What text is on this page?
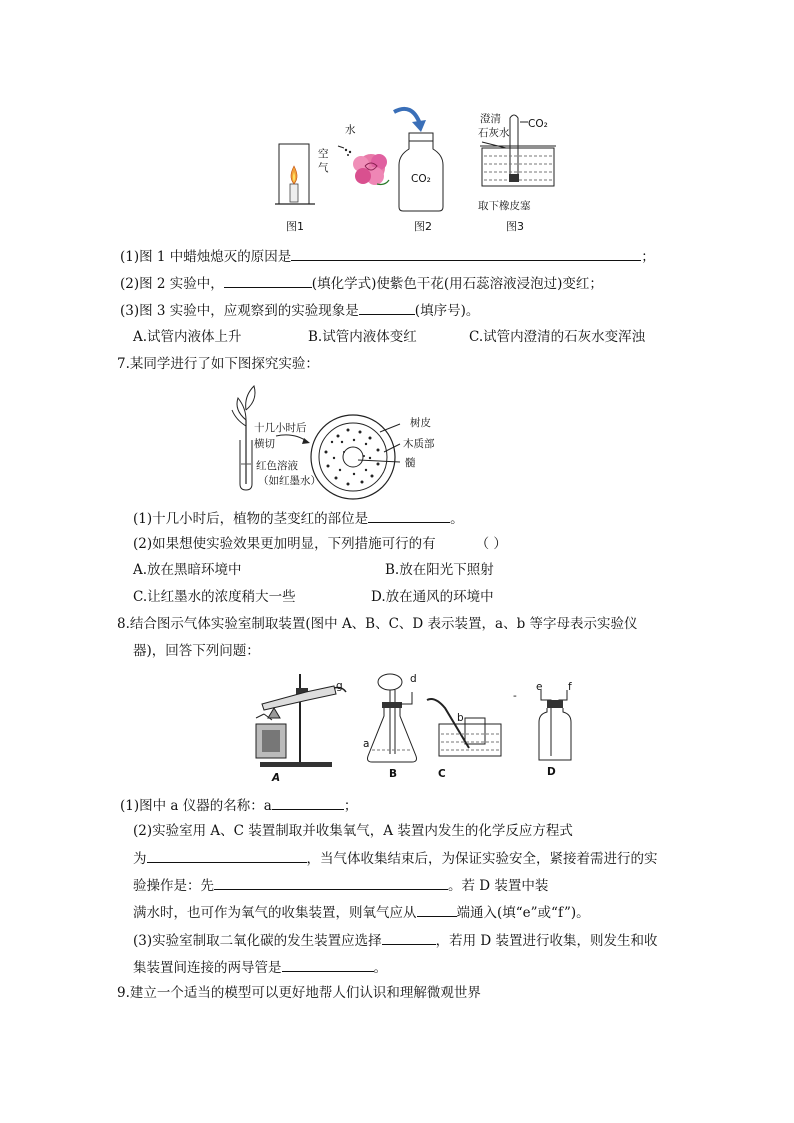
空
气
图1
水
CO₂
图2
澄清
石灰水
CO₂
取下橡皮塞
图3
(1)图 1 中蜡烛熄灭的原因是	；
(2)图 2 实验中，	(填化学式)使紫色干花(用石蕊溶液浸泡过)变红；
(3)图 3 实验中，应观察到的实验现象是	(填序号)。
A.试管内液体上升	B.试管内液体变红	C.试管内澄清的石灰水变浑浊
7.某同学进行了如下图探究实验：
十几小时后
横切
红色溶液
（如红墨水）
树皮
木质部
髓
(1)十几小时后，植物的茎变红的部位是	。
(2)如果想使实验效果更加明显，下列措施可行的有	（ ）
A.放在黑暗环境中	B.放在阳光下照射
C.让红墨水的浓度稍大一些	D.放在通风的环境中
8.结合图示气体实验室制取装置(图中 A、B、C、D 表示装置，a、b 等字母表示实验仪
器)，回答下列问题：
g
A
d
a
B
b
C
-
e f
D
(1)图中 a 仪器的名称：a	；
(2)实验室用 A、C 装置制取并收集氧气，A 装置内发生的化学反应方程式
为	，当气体收集结束后，为保证实验安全，紧接着需进行的实
验操作是：先	。若 D 装置中装
满水时，也可作为氧气的收集装置，则氧气应从	端通入(填“e”或“f”)。
(3)实验室制取二氧化碳的发生装置应选择	，若用 D 装置进行收集，则发生和收
集装置间连接的两导管是	。
9.建立一个适当的模型可以更好地帮人们认识和理解微观世界
